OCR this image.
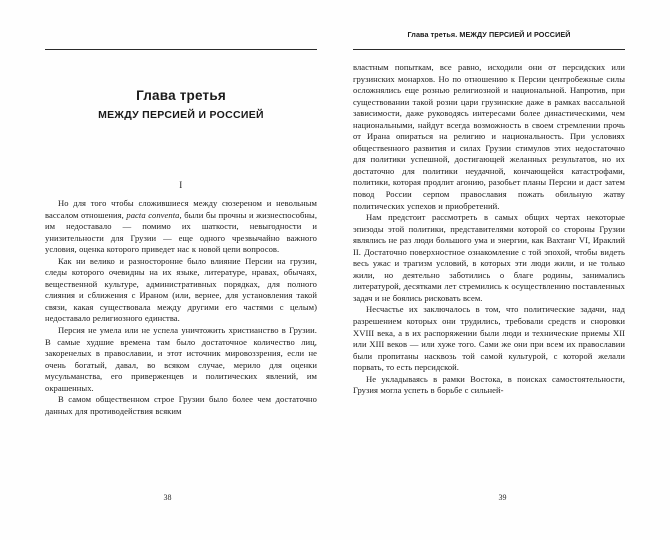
Глава третья
МЕЖДУ ПЕРСИЕЙ И РОССИЕЙ
I

Но для того чтобы сложившиеся между сюзереном и невольным вассалом отношения, pacta conventa, были бы прочны и жизнеспособны, им недоставало — помимо их шаткости, невыгодности и унизительности для Грузии — еще одного чрезвычайно важного условия, оценка которого приведет нас к новой цепи вопросов.

Как ни велико и разносторонне было влияние Персии на грузин, следы которого очевидны на их языке, литературе, нравах, обычаях, вещественной культуре, административных порядках, для полного слияния и сближения с Ираном (или, вернее, для установления такой связи, какая существовала между другими его частями с целым) недоставало религиозного единства.

Персия не умела или не успела уничтожить христианство в Грузии. В самые худшие времена там было достаточное количество лиц, закоренелых в православии, и этот источник мировоззрения, если не очень богатый, давал, во всяком случае, мерило для оценки мусульманства, его приверженцев и политических явлений, им окрашенных.

В самом общественном строе Грузии было более чем достаточно данных для противодействия всяким

38
Глава третья. МЕЖДУ ПЕРСИЕЙ И РОССИЕЙ

властным попыткам, все равно, исходили они от персидских или грузинских монархов. Но по отношению к Персии центробежные силы осложнялись еще рознью религиозной и национальной. Напротив, при существовании такой розни цари грузинские даже в рамках вассальной зависимости, даже руководясь интересами более династическими, чем национальными, найдут всегда возможность в своем стремлении прочь от Ирана опираться на религию и национальность. При условиях общественного развития и силах Грузии стимулов этих недостаточно для политики успешной, достигающей желанных результатов, но их достаточно для политики неудачной, кончающейся катастрофами, политики, которая продлит агонию, разобьет планы Персии и даст затем повод России серпом православия пожать обильную жатву политических успехов и приобретений.

Нам предстоит рассмотреть в самых общих чертах некоторые эпизоды этой политики, представителями которой со стороны Грузии являлись не раз люди большого ума и энергии, как Вахтанг VI, Ираклий II. Достаточно поверхностное ознакомление с той эпохой, чтобы видеть весь ужас и трагизм условий, в которых эти люди жили, и не только жили, но деятельно заботились о благе родины, занимались литературой, десятками лет стремились к осуществлению поставленных задач и не боялись рисковать всем.

Несчастье их заключалось в том, что политические задачи, над разрешением которых они трудились, требовали средств и сноровки XVIII века, а в их распоряжении были люди и технические приемы XII или XIII веков — или хуже того. Сами же они при всем их православии были пропитаны насквозь той самой культурой, с которой желали порвать, то есть персидской.

Не укладываясь в рамки Востока, в поисках самостоятельности, Грузия могла успеть в борьбе с сильней-

39
